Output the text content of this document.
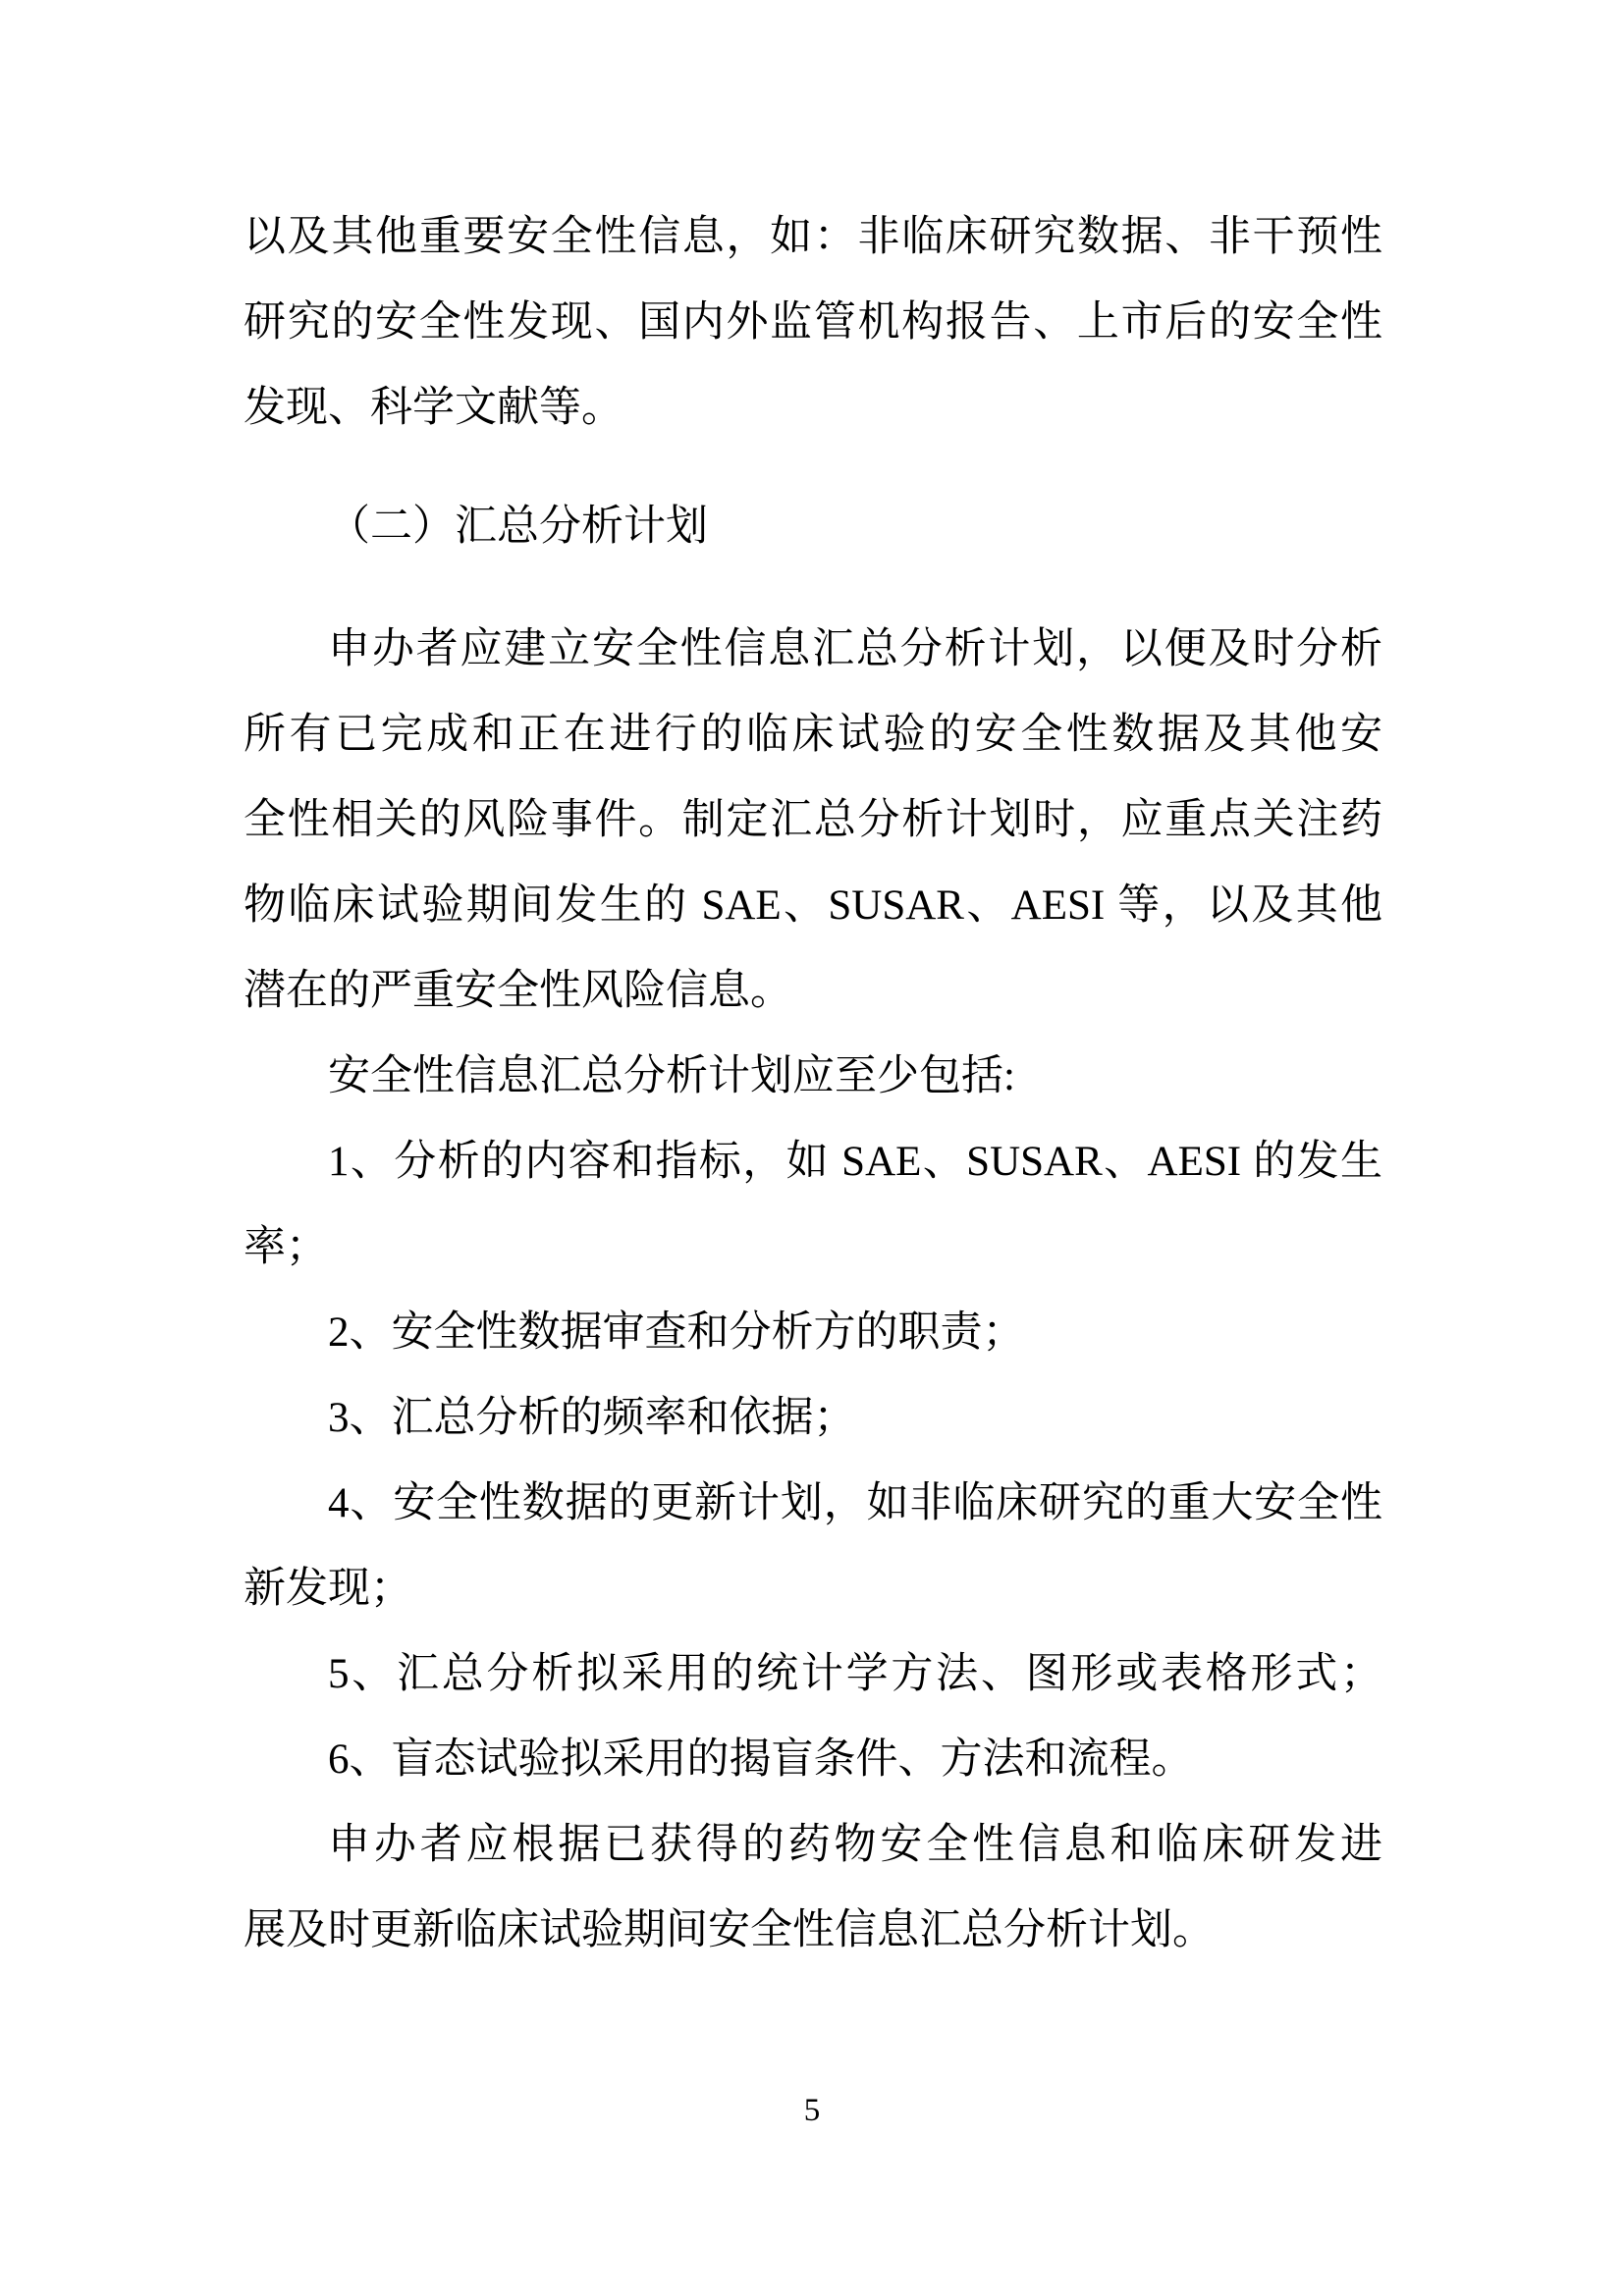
以及其他重要安全性信息，如：非临床研究数据、非干预性

研究的安全性发现、国内外监管机构报告、上市后的安全性

发现、科学文献等。

（二）汇总分析计划

申办者应建立安全性信息汇总分析计划，以便及时分析

所有已完成和正在进行的临床试验的安全性数据及其他安

全性相关的风险事件。制定汇总分析计划时，应重点关注药

物临床试验期间发生的 SAE、SUSAR、AESI 等，以及其他

潜在的严重安全性风险信息。

安全性信息汇总分析计划应至少包括:

1、分析的内容和指标，如 SAE、SUSAR、AESI 的发生

率；

2、安全性数据审查和分析方的职责；

3、汇总分析的频率和依据；

4、安全性数据的更新计划，如非临床研究的重大安全性

新发现；

5、汇总分析拟采用的统计学方法、图形或表格形式；

6、盲态试验拟采用的揭盲条件、方法和流程。

申办者应根据已获得的药物安全性信息和临床研发进

展及时更新临床试验期间安全性信息汇总分析计划。

5
